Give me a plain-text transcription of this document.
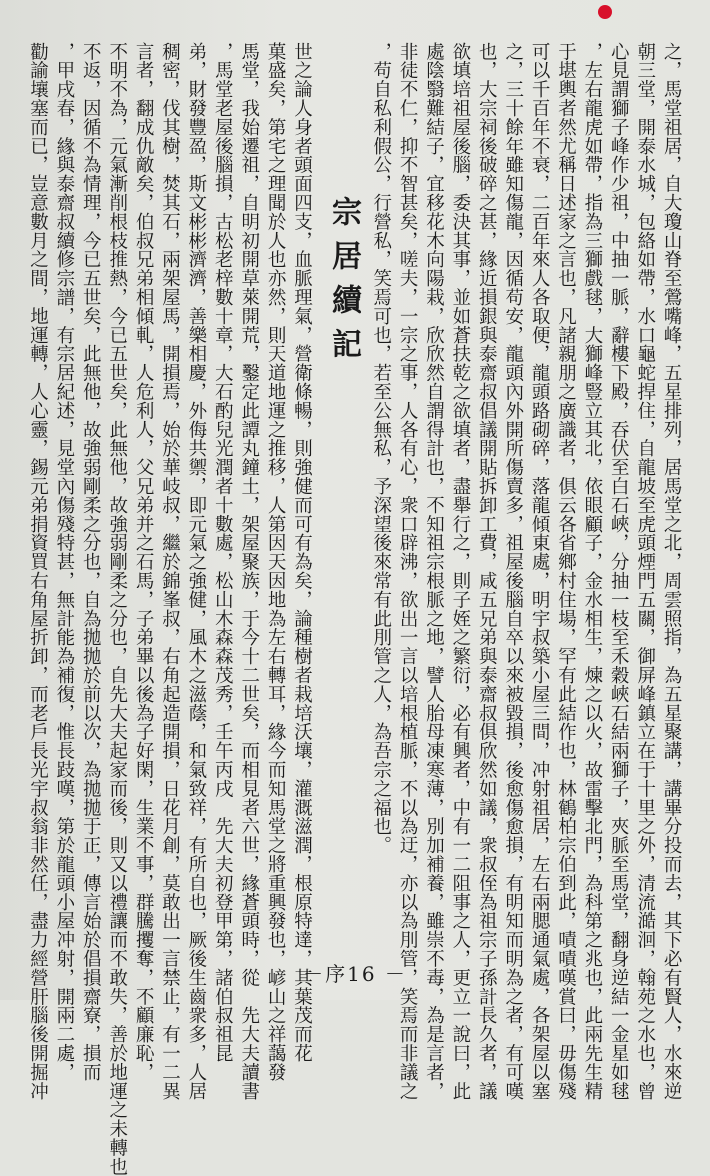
之，馬堂祖居，自大瓊山脊至鶯嘴峰，五星排列，居馬堂之北，周雲照指，為五星聚講，講畢分投而去，其下必有賢人，水來逆
朝三堂，開泰水城，包絡如帶，水口龜蛇捍住，自龍坡至虎頭煙門五關，御屏峰鎮立在于十里之外，清流澔洄，翰苑之水也，曾
心見謂獅子峰作少祖，中抽一脈，辭樓下殿，吞伏至白石峽，分抽一枝至禾穀峽石結兩獅子，夾脈至馬堂，翻身逆結一金星如毬
，左右龍虎如帶，指為三獅戲毬，大獅峰豎立其北，依眼顧子，金水相生，煉之以火，故雷擊北門，為科第之兆也，此兩先生精
于堪輿者然尤稱日述家之言也，凡諸親朋之廣識者，俱云各省鄉村住場，罕有此結作也，林鶴柏宗伯到此，嘖嘖嘆賞曰，毋傷殘
可以千百年不衰，二百年來人各取便，龍頭路砌碎，落龍傾東處，明宇叔築小屋三間，冲射祖居，左右兩腮通氣處，各架屋以塞
之，三十餘年雖知傷龍，因循苟安，龍頭內外開所傷賣多，祖屋後腦自卒以來被毀損，後愈傷愈損，有明知而明為之者，有可嘆
也，大宗祠後破碎之甚，緣近損銀與泰齋叔倡議開貼拆卸工費，咸五兄弟與泰齋叔俱欣然如議，衆叔侄為祖宗子孫計長久者，議
欲填培祖屋後腦，委決其事，並如蒼扶乾之欲填者，盡舉行之，則子姪之繁衍，必有興者，中有一二阻事之人，更立一說曰，此
處陰翳難結子，宜移花木向陽栽，欣欣然自謂得計也，不知祖宗根脈之地，譬人胎母凍寒薄，別加補養，雖崇不毒，為是言者，
非徒不仁，抑不智甚矣，嗟夫，一宗之事，人各有心，衆口辟沸，欲出一言以培根植脈，不以為迂，亦以為刖管，笑焉而非議之
，苟自私利假公，行營私，笑焉可也，若至公無私，予深望後來常有此刖管之人，為吾宗之福也。
世之論人身者頭面四支，血脈理氣，營衛條暢，則強健而可有為矣，論種樹者栽培沃壤，灌溉滋潤，根原特達，其葉茂而花
菓盛矣，第宅之理聞於人也亦然，則天道地運之推移，人第因天因地為左右轉耳，緣今而知馬堂之將重興發也，嵃山之祥藹發
馬堂，我始遷祖，自明初開草萊開荒，鑿定此譚丸鐘土，架屋聚族，于今十二世矣，而相見者六世，緣蒼頭時，從　先大夫讀書
，馬堂老屋後腦損，古松老梓數十章，大石酌兒光潤者十數處，松山木森森茂秀，壬午丙戌　先大夫初登甲第，諸伯叔祖昆
弟，財發豐盈，斯文彬彬濟濟，善樂相慶，外侮共禦，即元氣之強健，風木之滋蔭，和氣致祥，有所自也，厥後生齒衆多，人居
稠密，伐其樹，焚其石，兩架屋馬，開損焉，始於華岐叔，繼於錦峯叔，右角起造開損，日花月創，莫敢出一言禁止，有一二異
言者，翻成仇敵矣，伯叔兄弟相傾軋，人危利人，父兄弟并之石馬，子弟畢以後為子好閑，生業不事，群騰攫奪，不顧廉恥，
不明不為，元氣漸削根枝推熱，今已五世矣，此無他，故強弱剛柔之分也，自先大夫起家而後，則又以禮讓而不敢失，善於地運之未轉也
不返，因循不為情理，今已五世矣，此無他，故強弱剛柔之分也，自為拋拋於前以次，為拋拋于正，傳言始於倡損齋寮，損而
，甲戌春，緣與泰齋叔續修宗譜，有宗居紀述，見堂內傷殘特甚，無計能為補復，惟長跂嘆，第於龍頭小屋冲射，開兩二處，
勸諭壤塞而已，豈意數月之間，地運轉，人心靈，錫元弟捐資買右角屋折卸，而老戶長光宇叔翁非然任，盡力經營肝腦後開掘冲	宗居續記
－序16 －
